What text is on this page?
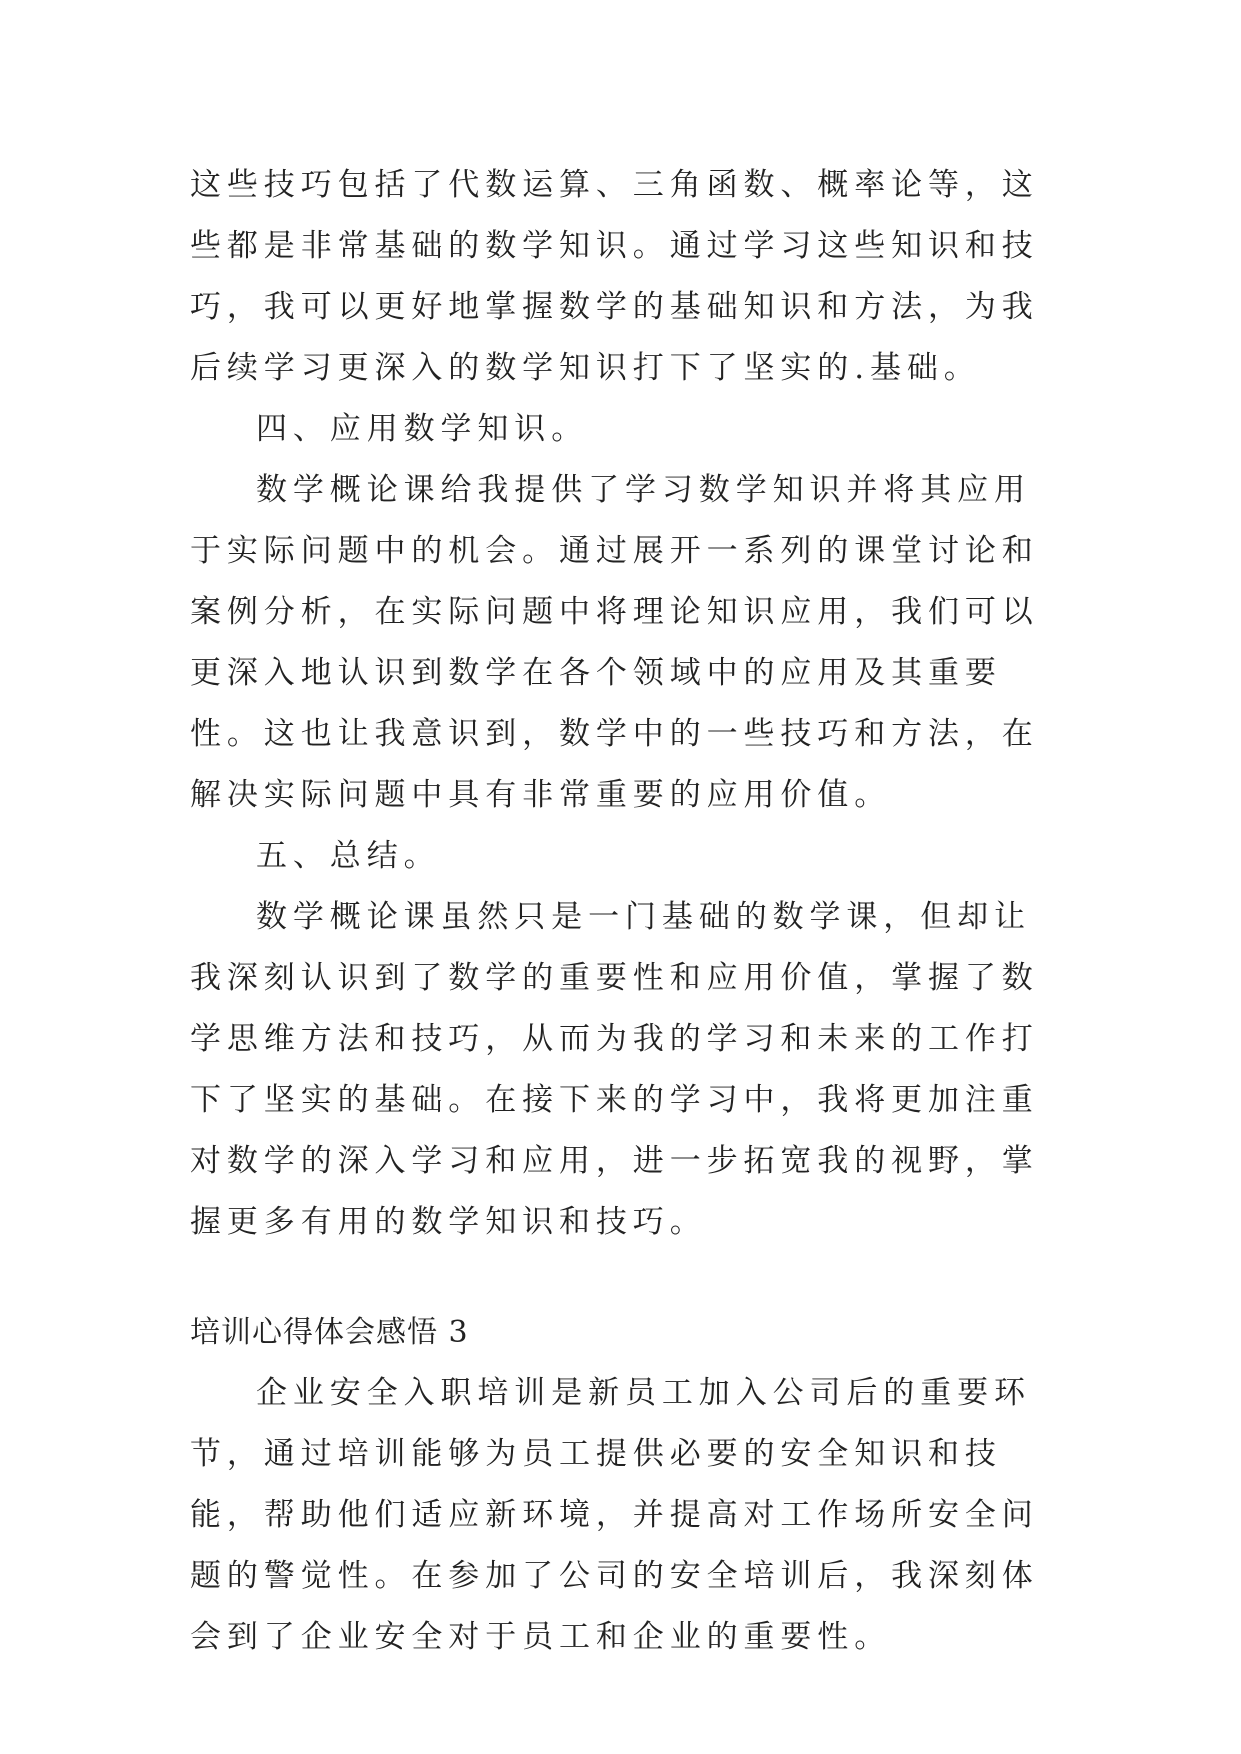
这些技巧包括了代数运算、三角函数、概率论等，这些都是非常基础的数学知识。通过学习这些知识和技巧，我可以更好地掌握数学的基础知识和方法，为我后续学习更深入的数学知识打下了坚实的.基础。

四、应用数学知识。

数学概论课给我提供了学习数学知识并将其应用于实际问题中的机会。通过展开一系列的课堂讨论和案例分析，在实际问题中将理论知识应用，我们可以更深入地认识到数学在各个领域中的应用及其重要性。这也让我意识到，数学中的一些技巧和方法，在解决实际问题中具有非常重要的应用价值。

五、总结。

数学概论课虽然只是一门基础的数学课，但却让我深刻认识到了数学的重要性和应用价值，掌握了数学思维方法和技巧，从而为我的学习和未来的工作打下了坚实的基础。在接下来的学习中，我将更加注重对数学的深入学习和应用，进一步拓宽我的视野，掌握更多有用的数学知识和技巧。

培训心得体会感悟 3

企业安全入职培训是新员工加入公司后的重要环节，通过培训能够为员工提供必要的安全知识和技能，帮助他们适应新环境，并提高对工作场所安全问题的警觉性。在参加了公司的安全培训后，我深刻体会到了企业安全对于员工和企业的重要性。
